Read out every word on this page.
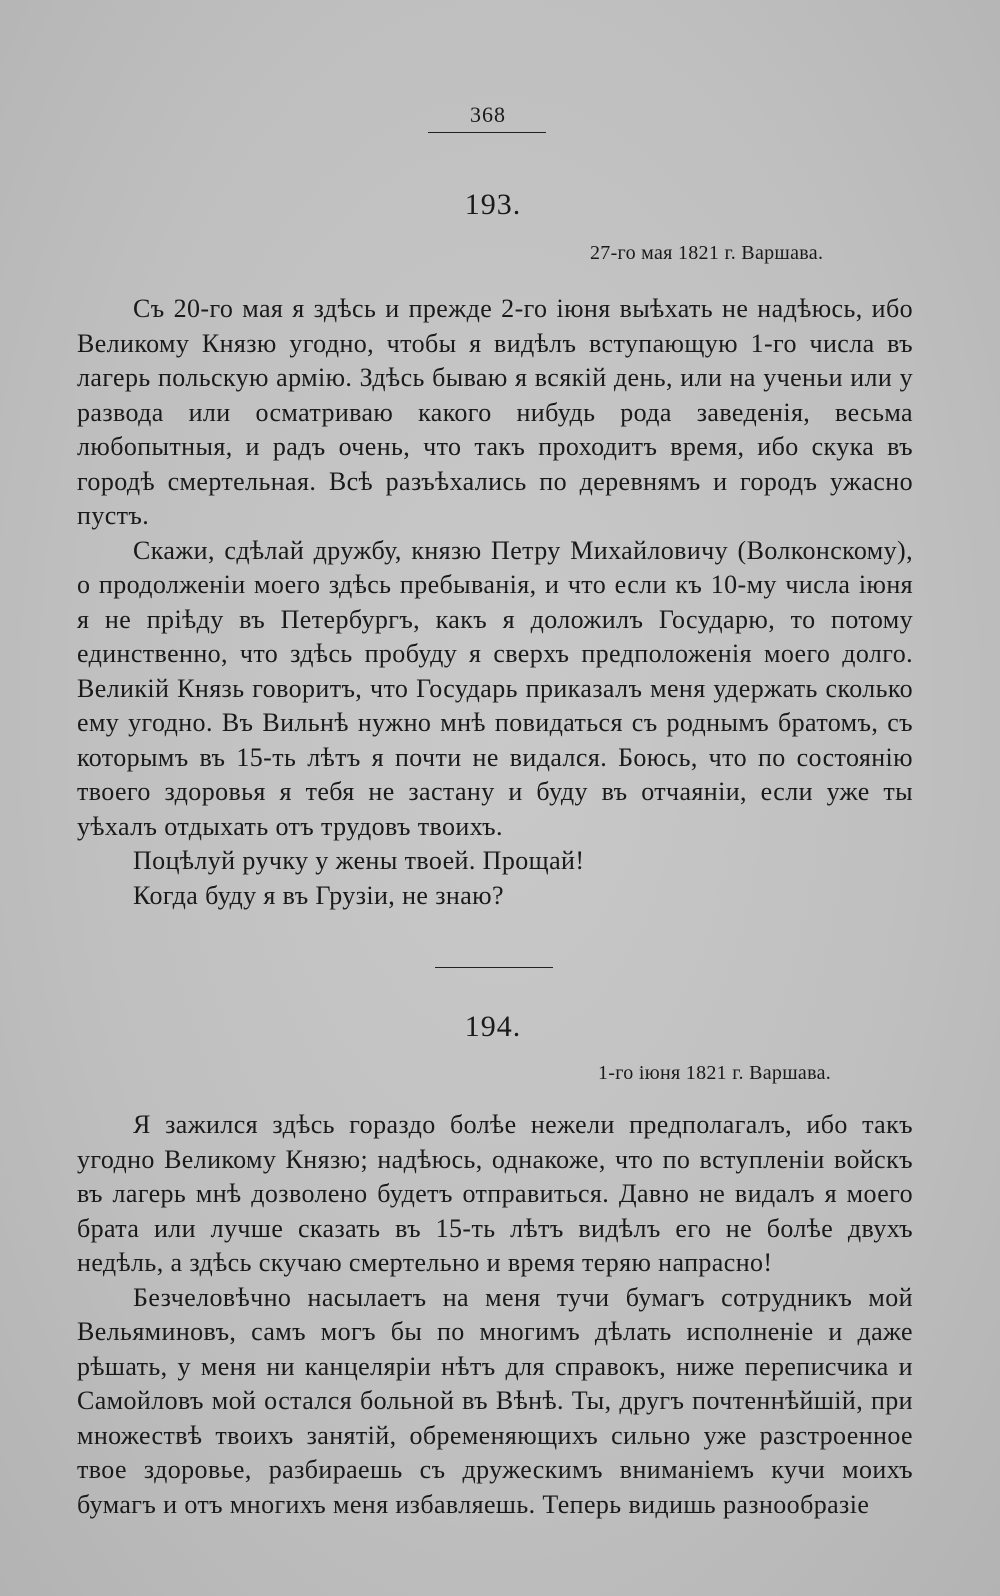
368
193.
27-го мая 1821 г. Варшава.

Съ 20-го мая я здѣсь и прежде 2-го іюня выѣхать не надѣюсь, ибо Великому Князю угодно, чтобы я видѣлъ вступающую 1-го числа въ лагерь польскую армію. Здѣсь бываю я всякій день, или на ученьи или у развода или осматриваю какого нибудь рода заведенія, весьма любопытныя, и радъ очень, что такъ проходитъ время, ибо скука въ городѣ смертельная. Всѣ разъѣхались по деревнямъ и городъ ужасно пустъ.

Скажи, сдѣлай дружбу, князю Петру Михайловичу (Волконскому), о продолженіи моего здѣсь пребыванія, и что если къ 10-му числа іюня я не пріѣду въ Петербургъ, какъ я доложилъ Государю, то потому единственно, что здѣсь пробуду я сверхъ предположенія моего долго. Великій Князь говоритъ, что Государь приказалъ меня удержать сколько ему угодно. Въ Вильнѣ нужно мнѣ повидаться съ роднымъ братомъ, съ которымъ въ 15-ть лѣтъ я почти не видался. Боюсь, что по состоянію твоего здоровья я тебя не застану и буду въ отчаяніи, если уже ты уѣхалъ отдыхать отъ трудовъ твоихъ.

Поцѣлуй ручку у жены твоей. Прощай!

Когда буду я въ Грузіи, не знаю?

194.
1-го іюня 1821 г. Варшава.

Я зажился здѣсь гораздо болѣе нежели предполагалъ, ибо такъ угодно Великому Князю; надѣюсь, однакоже, что по вступленіи войскъ въ лагерь мнѣ дозволено будетъ отправиться. Давно не видалъ я моего брата или лучше сказать въ 15-ть лѣтъ видѣлъ его не болѣе двухъ недѣль, а здѣсь скучаю смертельно и время теряю напрасно!

Безчеловѣчно насылаетъ на меня тучи бумагъ сотрудникъ мой Вельяминовъ, самъ могъ бы по многимъ дѣлать исполненіе и даже рѣшать, у меня ни канцеляріи нѣтъ для справокъ, ниже переписчика и Самойловъ мой остался больной въ Вѣнѣ. Ты, другъ почтеннѣйшій, при множествѣ твоихъ занятій, обременяющихъ сильно уже разстроенное твое здоровье, разбираешь съ дружескимъ вниманіемъ кучи моихъ бумагъ и отъ многихъ меня избавляешь. Теперь видишь разнообразіе
